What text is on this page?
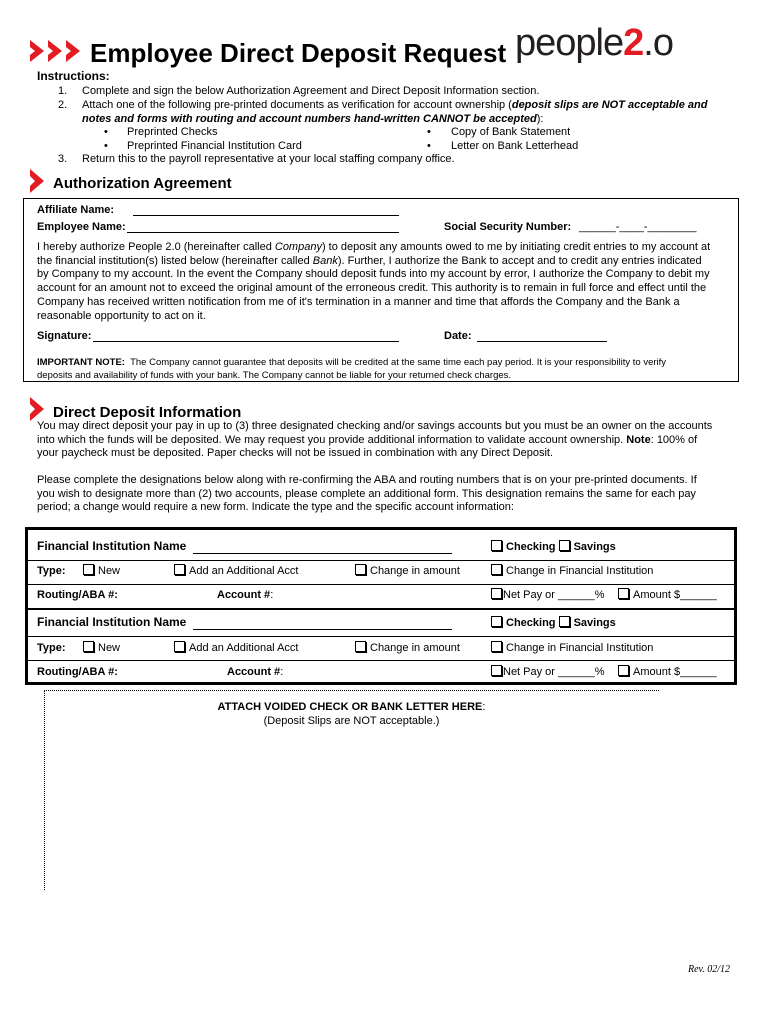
Employee Direct Deposit Request people2.o
Instructions:
1. Complete and sign the below Authorization Agreement and Direct Deposit Information section.
2. Attach one of the following pre-printed documents as verification for account ownership (deposit slips are NOT acceptable and
notes and forms with routing and account numbers hand-written CANNOT be accepted):
• Preprinted Checks	• Copy of Bank Statement
• Preprinted Financial Institution Card	• Letter on Bank Letterhead
3. Return this to the payroll representative at your local staffing company office.
Authorization Agreement
Affiliate Name:
Employee Name:	Social Security Number: ______-____-________
I hereby authorize People 2.0 (hereinafter called Company) to deposit any amounts owed to me by initiating credit entries to my account at
the financial institution(s) listed below (hereinafter called Bank). Further, I authorize the Bank to accept and to credit any entries indicated
by Company to my account. In the event the Company should deposit funds into my account by error, I authorize the Company to debit my
account for an amount not to exceed the original amount of the erroneous credit. This authority is to remain in full force and effect until the
Company has received written notification from me of it's termination in a manner and time that affords the Company and the Bank a
reasonable opportunity to act on it.
Signature:	Date:
IMPORTANT NOTE: The Company cannot guarantee that deposits will be credited at the same time each pay period. It is your responsibility to verify
deposits and availability of funds with your bank. The Company cannot be liable for your returned check charges.
Direct Deposit Information
You may direct deposit your pay in up to (3) three designated checking and/or savings accounts but you must be an owner on the accounts
into which the funds will be deposited. We may request you provide additional information to validate account ownership. Note: 100% of
your paycheck must be deposited. Paper checks will not be issued in combination with any Direct Deposit.
Please complete the designations below along with re-confirming the ABA and routing numbers that is on your pre-printed documents. If
you wish to designate more than (2) two accounts, please complete an additional form. This designation remains the same for each pay
period; a change would require a new form. Indicate the type and the specific account information:
Financial Institution Name	Checking Savings
Type:	New	Add an Additional Acct	Change in amount	Change in Financial Institution
Routing/ABA #:	Account #:	Net Pay or ______%	Amount $______
Financial Institution Name	Checking Savings
Type:	New	Add an Additional Acct	Change in amount	Change in Financial Institution
Routing/ABA #:	Account #:	Net Pay or ______%	Amount $______
ATTACH VOIDED CHECK OR BANK LETTER HERE:
(Deposit Slips are NOT acceptable.)
Rev. 02/12
